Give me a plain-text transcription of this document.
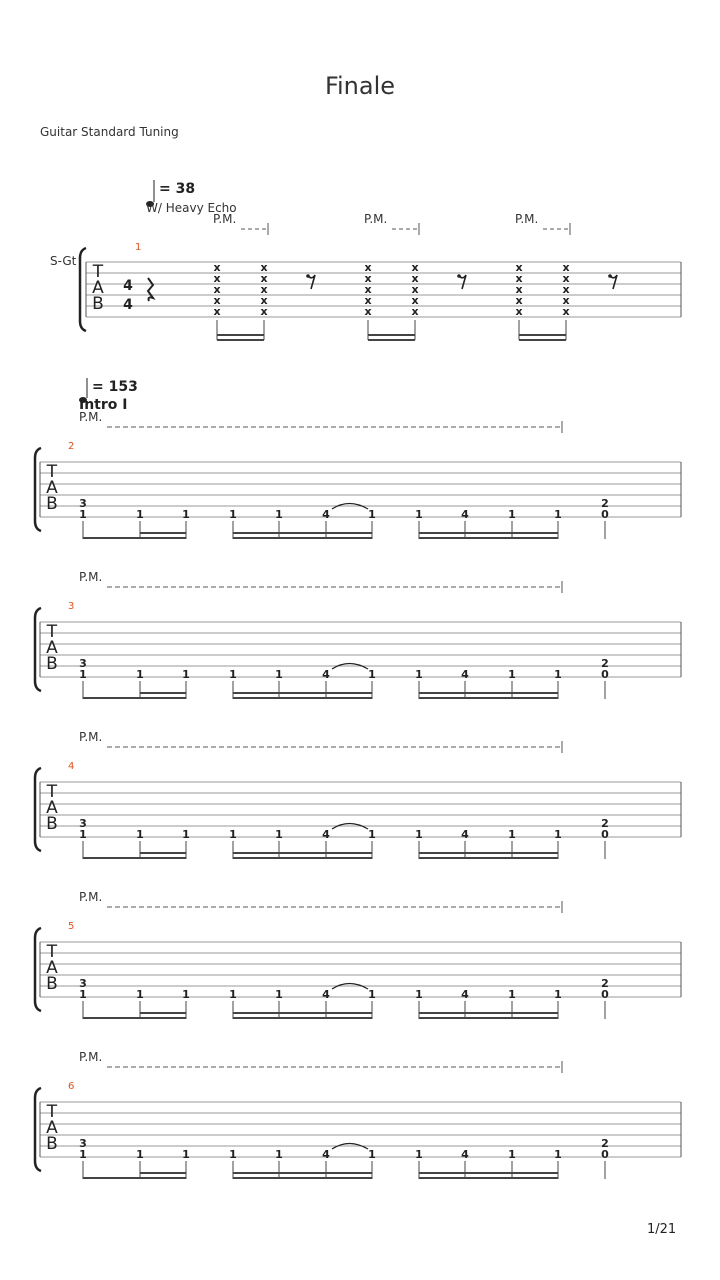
Finale
Guitar Standard Tuning
1/21
S-Gt
T
A
B
1
= 38
W/ Heavy Echo
4
4
x
x
x
x
x
x
x
x
x
x
P.M.
x
x
x
x
x
x
x
x
x
x
P.M.
x
x
x
x
x
x
x
x
x
x
P.M.
T
A
B
2
P.M.
= 153
Intro I
3
1	1	1	1	1	4	1	1	4	1	1
2
0
T
A
B
3
P.M.
3
1	1	1	1	1	4	1	1	4	1	1
2
0
T
A
B
4
P.M.
3
1	1	1	1	1	4	1	1	4	1	1
2
0
T
A
B
5
P.M.
3
1	1	1	1	1	4	1	1	4	1	1
2
0
T
A
B
6
P.M.
3
1	1	1	1	1	4	1	1	4	1	1
2
0
